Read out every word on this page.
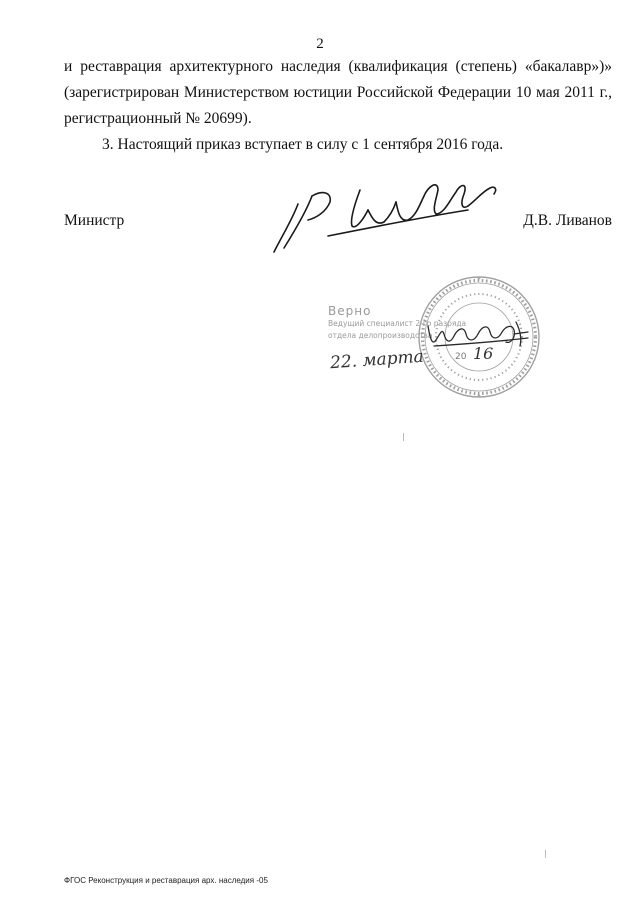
2

и реставрация архитектурного наследия (квалификация (степень) «бакалавр»)»

(зарегистрирован Министерством юстиции Российской Федерации 10 мая 2011 г.,

регистрационный № 20699).

3. Настоящий приказ вступает в силу с 1 сентября 2016 года.

Министр	Д.В. Ливанов
Верно
Ведущий специалист 2-го разряда
отдела делопроизводства
22. марта	20 16
ФГОС Реконструкция и реставрация арх. наследия -05
